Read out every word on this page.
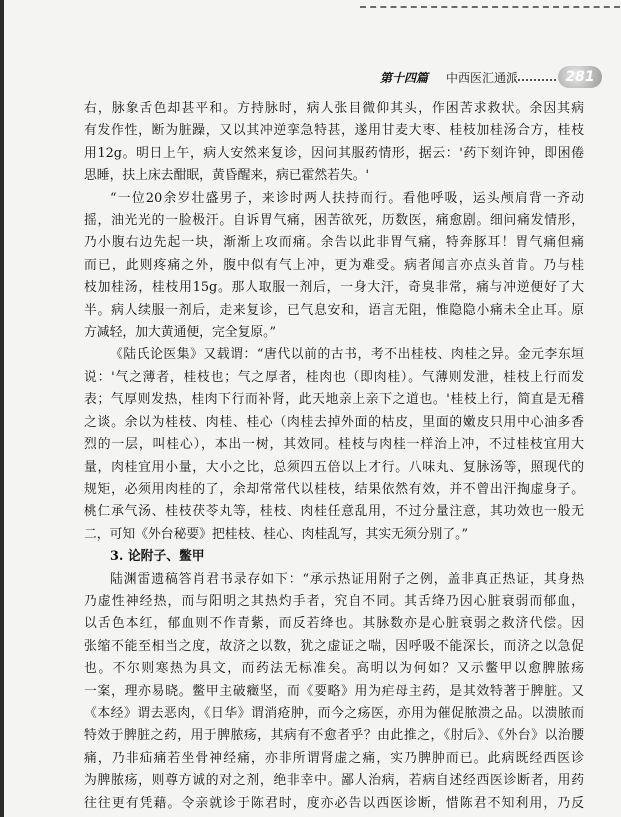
第十四篇 中西医汇通派	281
右，脉象舌色却甚平和。方持脉时，病人张目微仰其头，作困苦求救状。余因其病
有发作性，断为脏躁，又以其冲逆挛急特甚，遂用甘麦大枣、桂枝加桂汤合方，桂枝
用12g。明日上午，病人安然来复诊，因问其服药情形，据云：'药下刻许钟，即困倦
思睡，扶上床去酣眠，黄昏醒来，病已霍然若失。'
“一位20余岁壮盛男子，来诊时两人扶持而行。看他呼吸，运头颅肩背一齐动
摇，油光光的一脸极汗。自诉胃气痛，困苦欲死，历数医，痛愈剧。细问痛发情形，
乃小腹右边先起一块，渐渐上攻而痛。余告以此非胃气痛，特奔豚耳！胃气痛但痛
而已，此则疼痛之外，腹中似有气上冲，更为难受。病者闻言亦点头首肯。乃与桂
枝加桂汤，桂枝用15g。那人取服一剂后，一身大汗，奇臭非常，痛与冲逆便好了大
半。病人续服一剂后，走来复诊，已气息安和，语言无阻，惟隐隐小痛未全止耳。原
方减轻，加大黄通便，完全复原。”
《陆氏论医集》又载谓：“唐代以前的古书，考不出桂枝、肉桂之异。金元李东垣
说：'气之薄者，桂枝也；气之厚者，桂肉也（即肉桂）。气薄则发泄，桂枝上行而发
表；气厚则发热，桂肉下行而补肾，此天地亲上亲下之道也。'桂枝上行，简直是无稽
之谈。余以为桂枝、肉桂、桂心（肉桂去掉外面的枯皮，里面的嫩皮只用中心油多香
烈的一层，叫桂心），本出一树，其效同。桂枝与肉桂一样治上冲，不过桂枝宜用大
量，肉桂宜用小量，大小之比，总须四五倍以上才行。八味丸、复脉汤等，照现代的
规矩，必须用肉桂的了，余却常常代以桂枝，结果依然有效，并不曾出汗掏虚身子。
桃仁承气汤、桂枝茯苓丸等，桂枝、肉桂任意乱用，不过分量注意，其功效也一般无
二，可知《外台秘要》把桂枝、桂心、肉桂乱写，其实无须分别了。”
3. 论附子、鳖甲
陆渊雷遗稿答肖君书录存如下：“承示热证用附子之例，盖非真正热证，其身热
乃虚性神经热，而与阳明之其热灼手者，究自不同。其舌绛乃因心脏衰弱而郁血，
以舌色本红，郁血则不作青紫，而反若绛也。其脉数亦是心脏衰弱之救济代偿。因
张缩不能至相当之度，故济之以数，犹之虚证之喘，因呼吸不能深长，而济之以急促
也。不尔则寒热为具文，而药法无标准矣。高明以为何如？又示鳖甲以愈脾脓疡
一案，理亦易晓。鳖甲主破癥坚，而《要略》用为疟母主药，是其效特著于脾脏。又
《本经》谓去恶肉，《日华》谓消疮肿，而今之疡医，亦用为催促脓溃之品。以溃脓而
特效于脾脏之药，用于脾脓疡，其病有不愈者乎？由此推之，《肘后》、《外台》以治腰
痛，乃非疝痛若坐骨神经痛，亦非所谓肾虚之痛，实乃脾肿而已。此病既经西医诊
为脾脓疡，则尊方诚的对之剂，绝非幸中。鄙人治病，若病自述经西医诊断者，用药
往往更有凭藉。令亲就诊于陈君时，度亦必告以西医诊断，惜陈君不知利用，乃反
